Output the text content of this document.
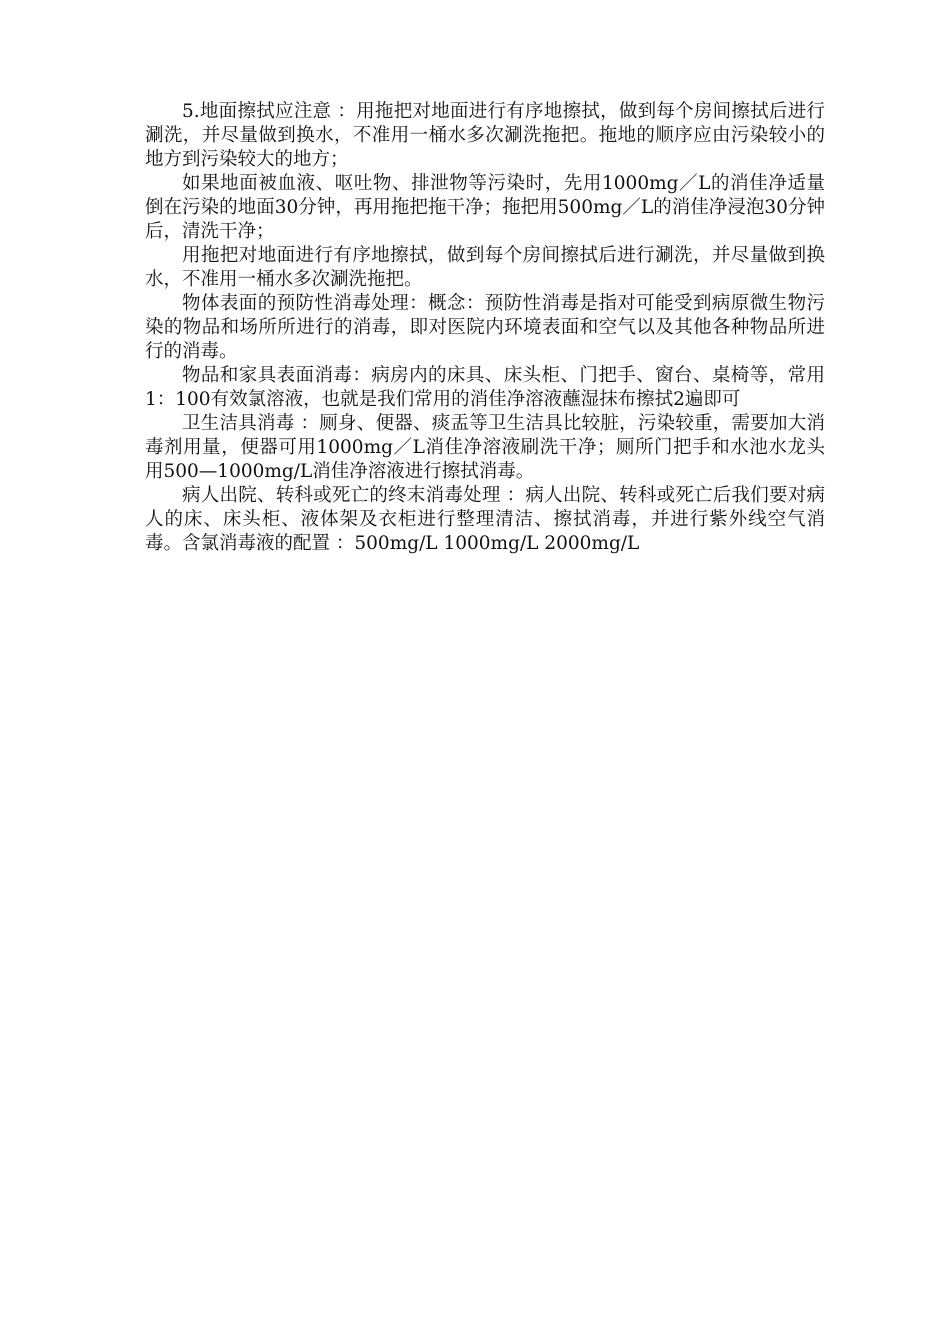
5.地面擦拭应注意 ：用拖把对地面进行有序地擦拭，做到每个房间擦拭后进行涮洗，并尽量做到换水，不准用一桶水多次涮洗拖把。拖地的顺序应由污染较小的地方到污染较大的地方；

如果地面被血液、呕吐物、排泄物等污染时，先用1000mg／L的消佳净适量倒在污染的地面30分钟，再用拖把拖干净；拖把用500mg／L的消佳净浸泡30分钟后，清洗干净；

用拖把对地面进行有序地擦拭，做到每个房间擦拭后进行涮洗，并尽量做到换水，不准用一桶水多次涮洗拖把。

物体表面的预防性消毒处理：概念：预防性消毒是指对可能受到病原微生物污染的物品和场所所进行的消毒，即对医院内环境表面和空气以及其他各种物品所进行的消毒。

物品和家具表面消毒：病房内的床具、床头柜、门把手、窗台、桌椅等，常用1：100有效氯溶液，也就是我们常用的消佳净溶液蘸湿抹布擦拭2遍即可

卫生洁具消毒 ：厕身、便器、痰盂等卫生洁具比较脏，污染较重，需要加大消毒剂用量，便器可用1000mg／L消佳净溶液刷洗干净；厕所门把手和水池水龙头用500—1000mg/L消佳净溶液进行擦拭消毒。

病人出院、转科或死亡的终末消毒处理 ：病人出院、转科或死亡后我们要对病人的床、床头柜、液体架及衣柜进行整理清洁、擦拭消毒，并进行紫外线空气消毒。含氯消毒液的配置 ：500mg/L 1000mg/L 2000mg/L
